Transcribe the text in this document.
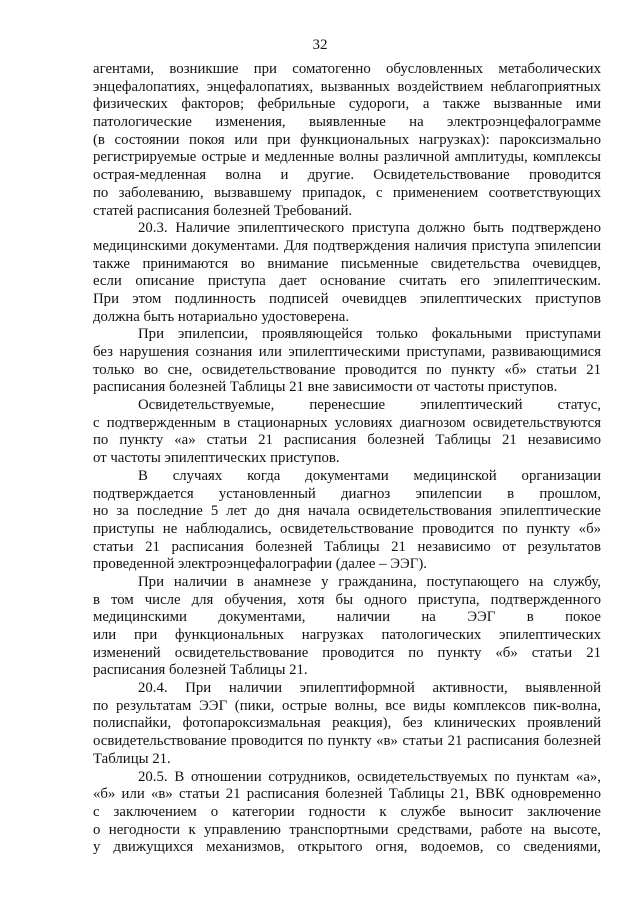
32

агентами, возникшие при соматогенно обусловленных метаболических
энцефалопатиях, энцефалопатиях, вызванных воздействием неблагоприятных
физических факторов; фебрильные судороги, а также вызванные ими
патологические изменения, выявленные на электроэнцефалограмме
(в состоянии покоя или при функциональных нагрузках): пароксизмально
регистрируемые острые и медленные волны различной амплитуды, комплексы
острая-медленная волна и другие. Освидетельствование проводится
по заболеванию, вызвавшему припадок, с применением соответствующих
статей расписания болезней Требований.

20.3. Наличие эпилептического приступа должно быть подтверждено
медицинскими документами. Для подтверждения наличия приступа эпилепсии
также принимаются во внимание письменные свидетельства очевидцев,
если описание приступа дает основание считать его эпилептическим.
При этом подлинность подписей очевидцев эпилептических приступов
должна быть нотариально удостоверена.

При эпилепсии, проявляющейся только фокальными приступами
без нарушения сознания или эпилептическими приступами, развивающимися
только во сне, освидетельствование проводится по пункту «б» статьи 21
расписания болезней Таблицы 21 вне зависимости от частоты приступов.

Освидетельствуемые, перенесшие эпилептический статус,
с подтвержденным в стационарных условиях диагнозом освидетельствуются
по пункту «а» статьи 21 расписания болезней Таблицы 21 независимо
от частоты эпилептических приступов.

В случаях когда документами медицинской организации
подтверждается установленный диагноз эпилепсии в прошлом,
но за последние 5 лет до дня начала освидетельствования эпилептические
приступы не наблюдались, освидетельствование проводится по пункту «б»
статьи 21 расписания болезней Таблицы 21 независимо от результатов
проведенной электроэнцефалографии (далее – ЭЭГ).

При наличии в анамнезе у гражданина, поступающего на службу,
в том числе для обучения, хотя бы одного приступа, подтвержденного
медицинскими документами, наличии на ЭЭГ в покое
или при функциональных нагрузках патологических эпилептических
изменений освидетельствование проводится по пункту «б» статьи 21
расписания болезней Таблицы 21.

20.4. При наличии эпилептиформной активности, выявленной
по результатам ЭЭГ (пики, острые волны, все виды комплексов пик-волна,
полиспайки, фотопароксизмальная реакция), без клинических проявлений
освидетельствование проводится по пункту «в» статьи 21 расписания болезней
Таблицы 21.

20.5. В отношении сотрудников, освидетельствуемых по пунктам «а»,
«б» или «в» статьи 21 расписания болезней Таблицы 21, ВВК одновременно
с заключением о категории годности к службе выносит заключение
о негодности к управлению транспортными средствами, работе на высоте,
у движущихся механизмов, открытого огня, водоемов, со сведениями,
